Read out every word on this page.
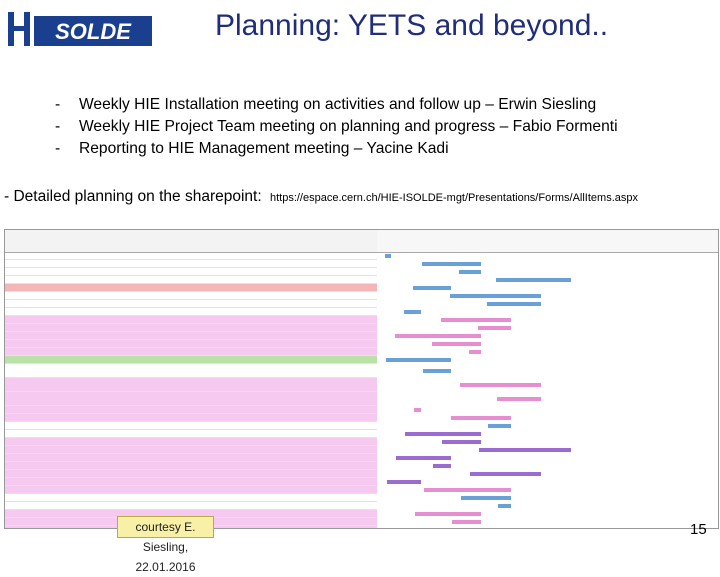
SOLDE	Planning: YETS and beyond..
- Weekly HIE Installation meeting on activities and follow up – Erwin Siesling
- Weekly HIE Project Team meeting on planning and progress – Fabio Formenti
- Reporting to HIE Management meeting – Yacine Kadi
- Detailed planning on the sharepoint: https://espace.cern.ch/HIE-ISOLDE-mgt/Presentations/Forms/AllItems.aspx
courtesy E. Siesling, 22.01.2016
15
